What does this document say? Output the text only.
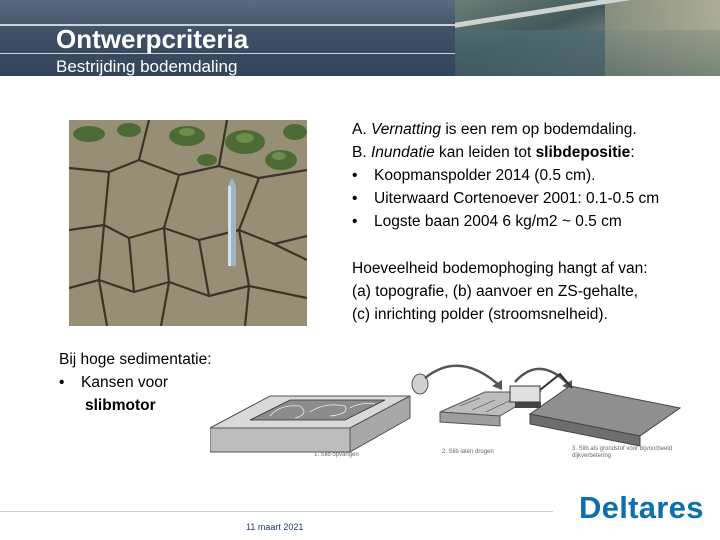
Ontwerpcriteria
Bestrijding bodemdaling

A. Vernatting is een rem op bodemdaling.

B. Inundatie kan leiden tot slibdepositie:

• Koopmanspolder 2014 (0.5 cm).

• Uiterwaard Cortenoever 2001: 0.1-0.5 cm

• Logste baan 2004 6 kg/m2 ~ 0.5 cm

Hoeveelheid bodemophoging hangt af van:

(a) topografie, (b) aanvoer en ZS-gehalte,

(c) inrichting polder (stroomsnelheid).

Bij hoge sedimentatie:

• Kansen voor

slibmotor

1. Slib opvangen	2. Slib laten drogen	3. Slib als grondstof voor bijvoorbeeld
dijkverbetering
11 maart 2021
Deltares
